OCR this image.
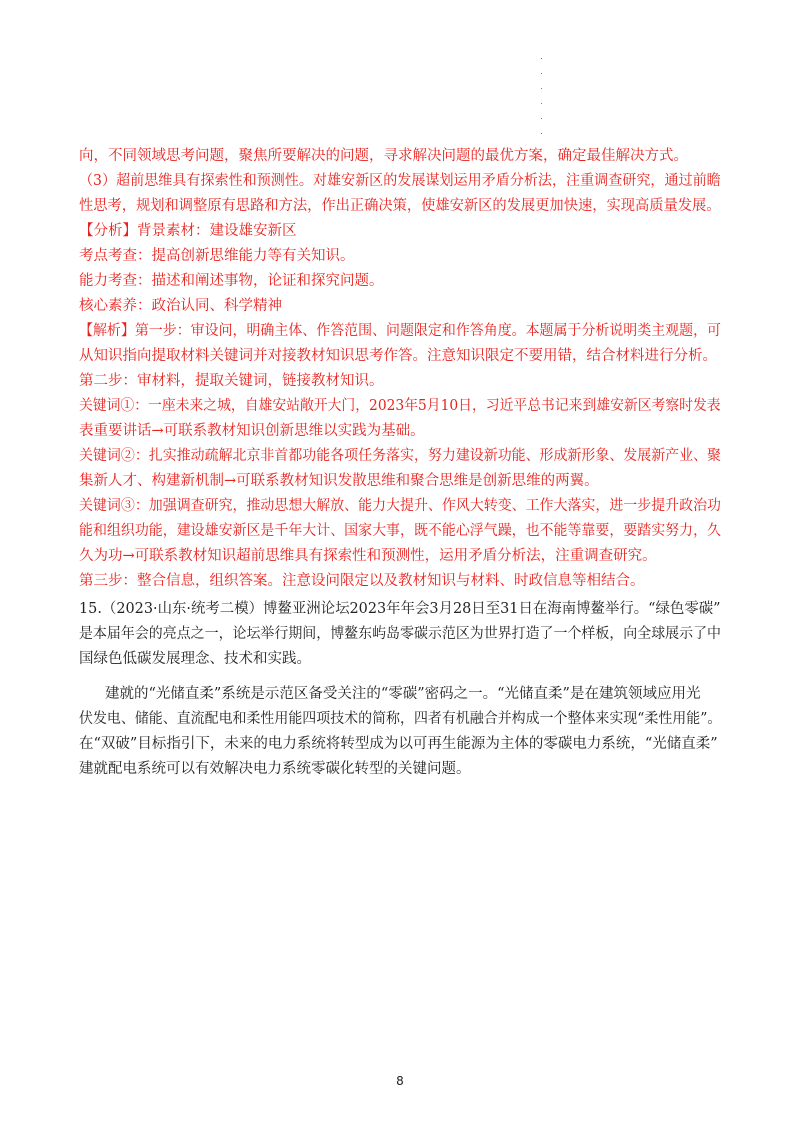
向，不同领域思考问题，聚焦所要解决的问题，寻求解决问题的最优方案，确定最佳解决方式。
（3）超前思维具有探索性和预测性。对雄安新区的发展谋划运用矛盾分析法，注重调查研究，通过前瞻
性思考，规划和调整原有思路和方法，作出正确决策，使雄安新区的发展更加快速，实现高质量发展。
【分析】背景素材：建设雄安新区
考点考查：提高创新思维能力等有关知识。
能力考查：描述和阐述事物，论证和探究问题。
核心素养：政治认同、科学精神
【解析】第一步：审设问，明确主体、作答范围、问题限定和作答角度。本题属于分析说明类主观题，可
从知识指向提取材料关键词并对接教材知识思考作答。注意知识限定不要用错，结合材料进行分析。
第二步：审材料，提取关键词，链接教材知识。
关键词①：一座未来之城，自雄安站敞开大门，2023年5月10日，习近平总书记来到雄安新区考察时发表
表重要讲话→可联系教材知识创新思维以实践为基础。
关键词②：扎实推动疏解北京非首都功能各项任务落实，努力建设新功能、形成新形象、发展新产业、聚
集新人才、构建新机制→可联系教材知识发散思维和聚合思维是创新思维的两翼。
关键词③：加强调查研究，推动思想大解放、能力大提升、作风大转变、工作大落实，进一步提升政治功
能和组织功能，建设雄安新区是千年大计、国家大事，既不能心浮气躁，也不能等靠要，要踏实努力，久
久为功→可联系教材知识超前思维具有探索性和预测性，运用矛盾分析法，注重调查研究。
第三步：整合信息，组织答案。注意设问限定以及教材知识与材料、时政信息等相结合。
15.（2023·山东·统考二模）博鳌亚洲论坛2023年年会3月28日至31日在海南博鳌举行。“绿色零碳”
是本届年会的亮点之一，论坛举行期间，博鳌东屿岛零碳示范区为世界打造了一个样板，向全球展示了中
国绿色低碳发展理念、技术和实践。
建就的“光储直柔”系统是示范区备受关注的“零碳”密码之一。“光储直柔”是在建筑领域应用光
伏发电、储能、直流配电和柔性用能四项技术的简称，四者有机融合并构成一个整体来实现“柔性用能”。
在“双破”目标指引下，未来的电力系统将转型成为以可再生能源为主体的零碳电力系统，“光储直柔”
建就配电系统可以有效解决电力系统零碳化转型的关键问题。
8
